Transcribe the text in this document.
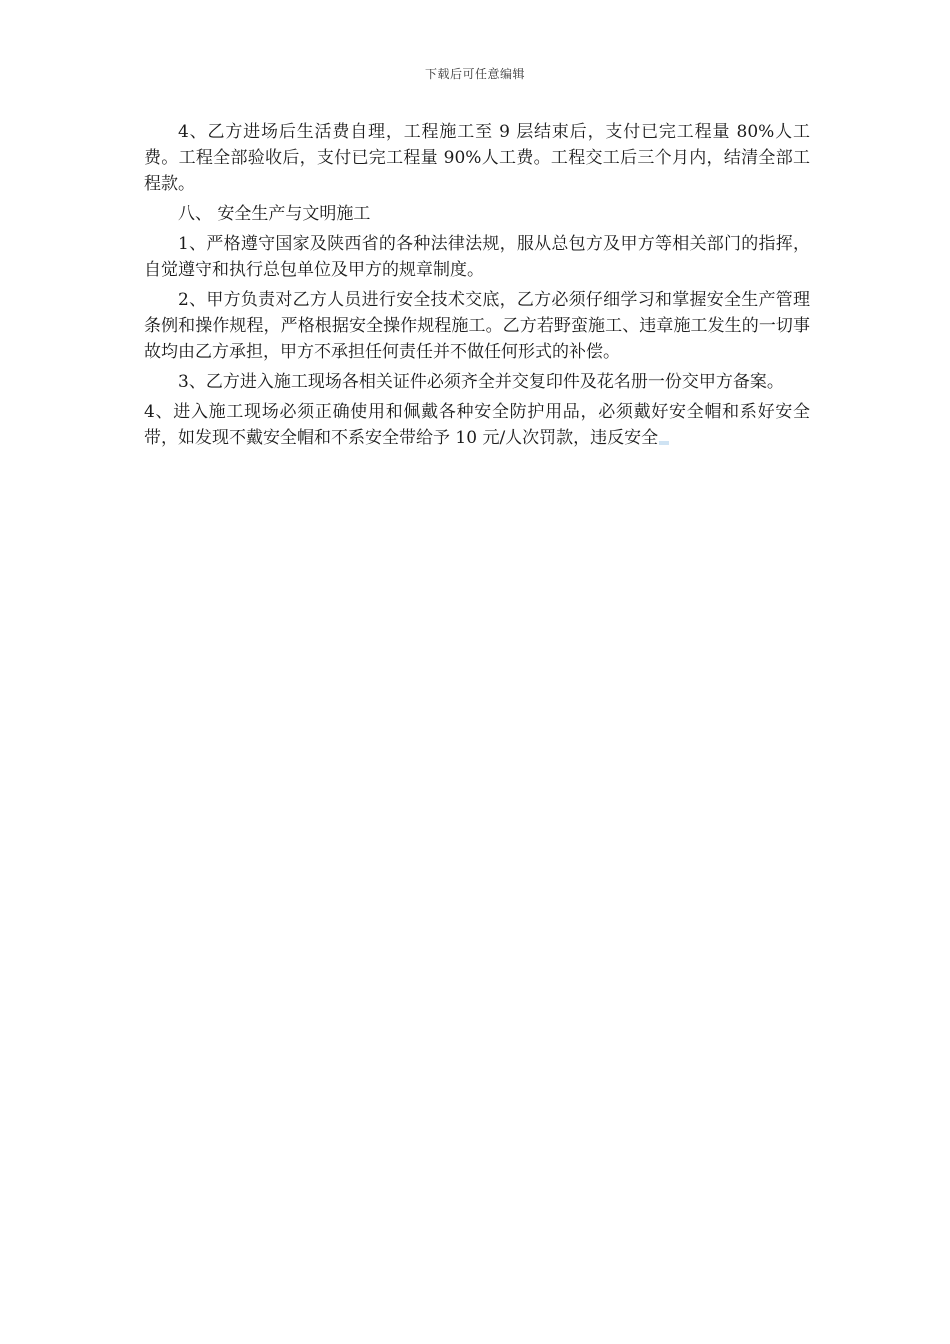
下载后可任意编辑

4、乙方进场后生活费自理，工程施工至 9 层结束后，支付已完工程量 80%人工费。工程全部验收后，支付已完工程量 90%人工费。工程交工后三个月内，结清全部工程款。

八、 安全生产与文明施工

1、严格遵守国家及陕西省的各种法律法规，服从总包方及甲方等相关部门的指挥，自觉遵守和执行总包单位及甲方的规章制度。

2、甲方负责对乙方人员进行安全技术交底，乙方必须仔细学习和掌握安全生产管理条例和操作规程，严格根据安全操作规程施工。乙方若野蛮施工、违章施工发生的一切事故均由乙方承担，甲方不承担任何责任并不做任何形式的补偿。

3、乙方进入施工现场各相关证件必须齐全并交复印件及花名册一份交甲方备案。

4、进入施工现场必须正确使用和佩戴各种安全防护用品，必须戴好安全帽和系好安全带，如发现不戴安全帽和不系安全带给予 10 元/人次罚款，违反安全
